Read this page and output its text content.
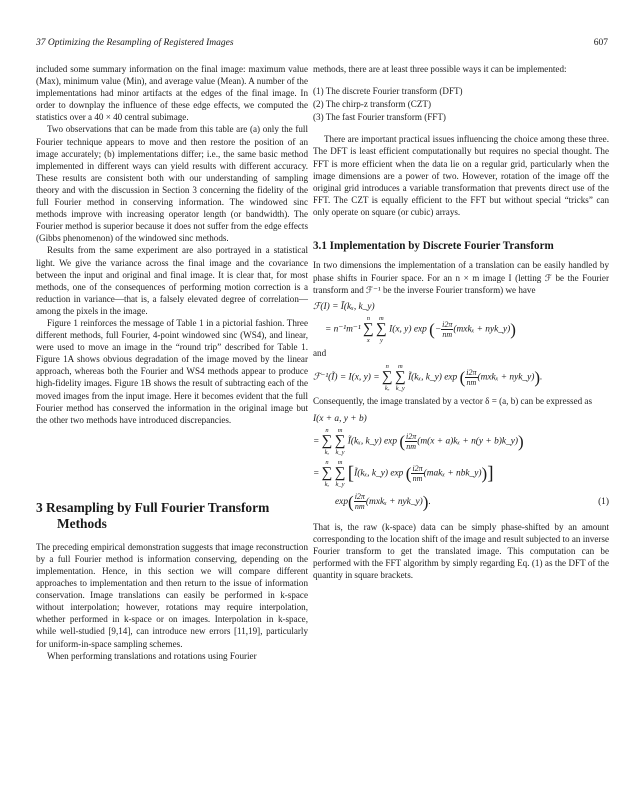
37 Optimizing the Resampling of Registered Images	607

included some summary information on the final image: maximum value (Max), minimum value (Min), and average value (Mean). A number of the implementations had minor artifacts at the edges of the final image. In order to downplay the influence of these edge effects, we computed the statistics over a 40 × 40 central subimage.

Two observations that can be made from this table are (a) only the full Fourier technique appears to move and then restore the position of an image accurately; (b) implementations differ; i.e., the same basic method implemented in different ways can yield results with different accuracy. These results are consistent both with our understanding of sampling theory and with the discussion in Section 3 concerning the fidelity of the full Fourier method in conserving information. The windowed sinc methods improve with increasing operator length (or bandwidth). The Fourier method is superior because it does not suffer from the edge effects (Gibbs phenomenon) of the windowed sinc methods.

Results from the same experiment are also portrayed in a statistical light. We give the variance across the final image and the covariance between the input and original and final image. It is clear that, for most methods, one of the consequences of performing motion correction is a reduction in variance—that is, a falsely elevated degree of correlation—among the pixels in the image.

Figure 1 reinforces the message of Table 1 in a pictorial fashion. Three different methods, full Fourier, 4-point windowed sinc (WS4), and linear, were used to move an image in the “round trip” described for Table 1. Figure 1A shows obvious degradation of the image moved by the linear approach, whereas both the Fourier and WS4 methods appear to produce high-fidelity images. Figure 1B shows the result of subtracting each of the moved images from the input image. Here it becomes evident that the full Fourier method has conserved the information in the original image but the other two methods have introduced discrepancies.

3 Resampling by Full Fourier Transform Methods

The preceding empirical demonstration suggests that image reconstruction by a full Fourier method is information conserving, depending on the implementation. Hence, in this section we will compare different approaches to implementation and then return to the issue of information conservation. Image translations can easily be performed in k-space without interpolation; however, rotations may require interpolation, whether performed in k-space or on images. Interpolation in k-space, while well-studied [9,14], can introduce new errors [11,19], particularly for uniform-in-space sampling schemes.

When performing translations and rotations using Fourier

methods, there are at least three possible ways it can be implemented:

(1) The discrete Fourier transform (DFT)
(2) The chirp-z transform (CZT)
(3) The fast Fourier transform (FFT)

There are important practical issues influencing the choice among these three. The DFT is least efficient computationally but requires no special thought. The FFT is more efficient when the data lie on a regular grid, particularly when the image dimensions are a power of two. However, rotation of the image off the original grid introduces a variable transformation that prevents direct use of the FFT. The CZT is equally efficient to the FFT but without special “tricks” can only operate on square (or cubic) arrays.

3.1 Implementation by Discrete Fourier Transform

In two dimensions the implementation of a translation can be easily handled by phase shifts in Fourier space. For an n × m image I (letting ℱ be the Fourier transform and ℱ⁻¹ be the inverse Fourier transform) we have

ℱ(I) = Ĩ(kₓ, k_y)
= n⁻¹m⁻¹
n
∑
x

m
∑
y
I(x, y) exp (− $\frac{i2\pi}{nm} (mxk_x$ + nyk_y))

and

ℱ⁻¹(Ĩ) = I(x, y) =
n
∑
kₓ

m
∑
k_y
Ĩ(kₓ, k_y) exp ( $\frac{i2\pi}{nm} (mxk_x$ + nyk_y)).

Consequently, the image translated by a vector δ = (a, b) can be expressed as

I(x + a, y + b)
=
n
∑
kₓ

m
∑
k_y
Ĩ(kₓ, k_y) exp ( $\frac{i2\pi}{nm} (m(x + a)k_x + n(y$ + b)k_y))
=
n
∑
kₓ

m
∑
k_y
[Ĩ(kₓ, k_y) exp ( $\frac{i2\pi}{nm} (mak_x$ + nbk_y))]
$\exp( \frac{i2\pi}{nm} (mxk_x$ + nyk_y)).	(1)

That is, the raw (k-space) data can be simply phase-shifted by an amount corresponding to the location shift of the image and result subjected to an inverse Fourier transform to get the translated image. This computation can be performed with the FFT algorithm by simply regarding Eq. (1) as the DFT of the quantity in square brackets.
